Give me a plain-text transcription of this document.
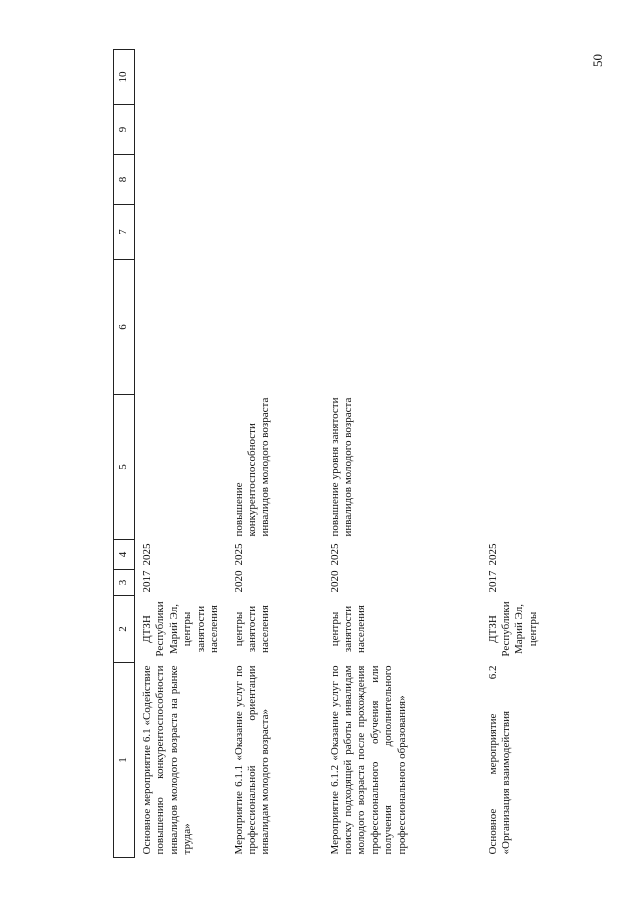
50
1	2	3	4	5	6	7	8	9	10
Основное мероприятие 6.1 «Содействие повышению конкурентоспособности инвалидов молодого возраста на рынке труда»	ДТЗН Республики Марий Эл, центры занятости населения	2017	2025						
Мероприятие 6.1.1 «Оказание услуг по профессиональной ориентации инвалидам молодого возраста»	центры занятости населения	2020	2025	повышение конкурентоспособности инвалидов молодого возраста					
Мероприятие 6.1.2 «Оказание услуг по поиску подходящей работы инвалидам молодого возраста после прохождения профессионального обучения или получения дополнительного профессионального образования»	центры занятости населения	2020	2025	повышение уровня занятости инвалидов молодого возраста					
Основное мероприятие 6.2 «Организация взаимодействия	ДТЗН Республики Марий Эл, центры	2017	2025						
